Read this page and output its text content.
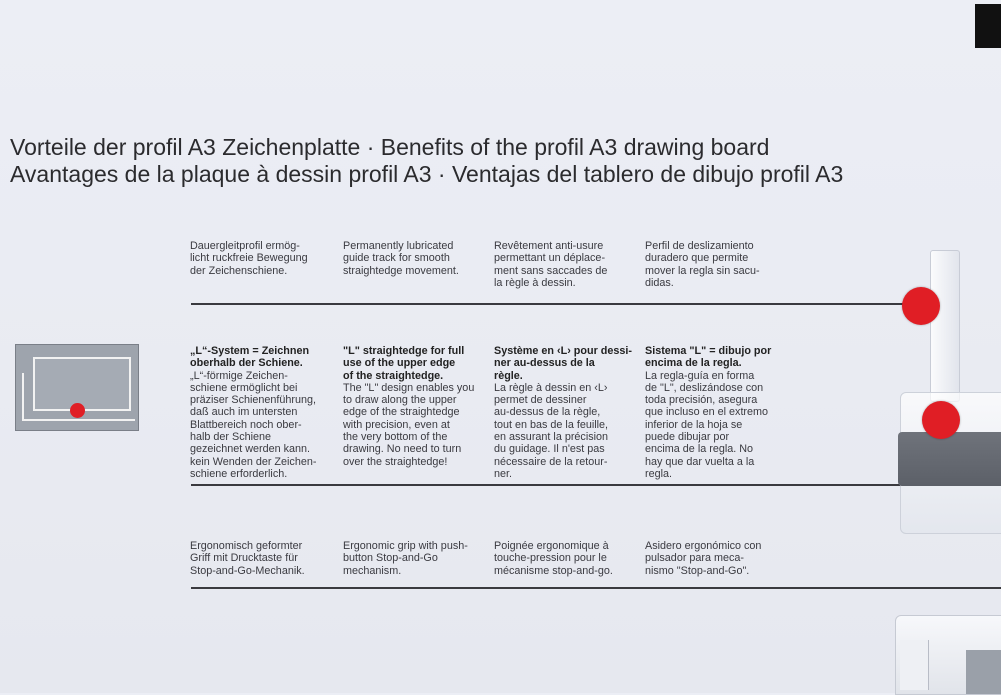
Vorteile der profil A3 Zeichenplatte · Benefits of the profil A3 drawing board
Avantages de la plaque à dessin profil A3 · Ventajas del tablero de dibujo profil A3
Dauergleitprofil ermög-
licht ruckfreie Bewegung
der Zeichenschiene.
Permanently lubricated
guide track for smooth
straightedge movement.
Revêtement anti-usure
permettant un déplace-
ment sans saccades de
la règle à dessin.
Perfil de deslizamiento
duradero que permite
mover la regla sin sacu-
didas.
„L“-System = Zeichnen
oberhalb der Schiene.
„L“-förmige Zeichen-
schiene ermöglicht bei
präziser Schienenführung,
daß auch im untersten
Blattbereich noch ober-
halb der Schiene
gezeichnet werden kann.
kein Wenden der Zeichen-
schiene erforderlich.
"L" straightedge for full
use of the upper edge
of the straightedge.
The "L" design enables you
to draw along the upper
edge of the straightedge
with precision, even at
the very bottom of the
drawing. No need to turn
over the straightedge!
Système en ‹L› pour dessi-
ner au-dessus de la
règle.
La règle à dessin en ‹L›
permet de dessiner
au-dessus de la règle,
tout en bas de la feuille,
en assurant la précision
du guidage. Il n'est pas
nécessaire de la retour-
ner.
Sistema "L" = dibujo por
encima de la regla.
La regla-guía en forma
de "L", deslizándose con
toda precisión, asegura
que incluso en el extremo
inferior de la hoja se
puede dibujar por
encima de la regla. No
hay que dar vuelta a la
regla.
Ergonomisch geformter
Griff mit Drucktaste für
Stop-and-Go-Mechanik.
Ergonomic grip with push-
button Stop-and-Go
mechanism.
Poignée ergonomique à
touche-pression pour le
mécanisme stop-and-go.
Asidero ergonómico con
pulsador para meca-
nismo "Stop-and-Go".
